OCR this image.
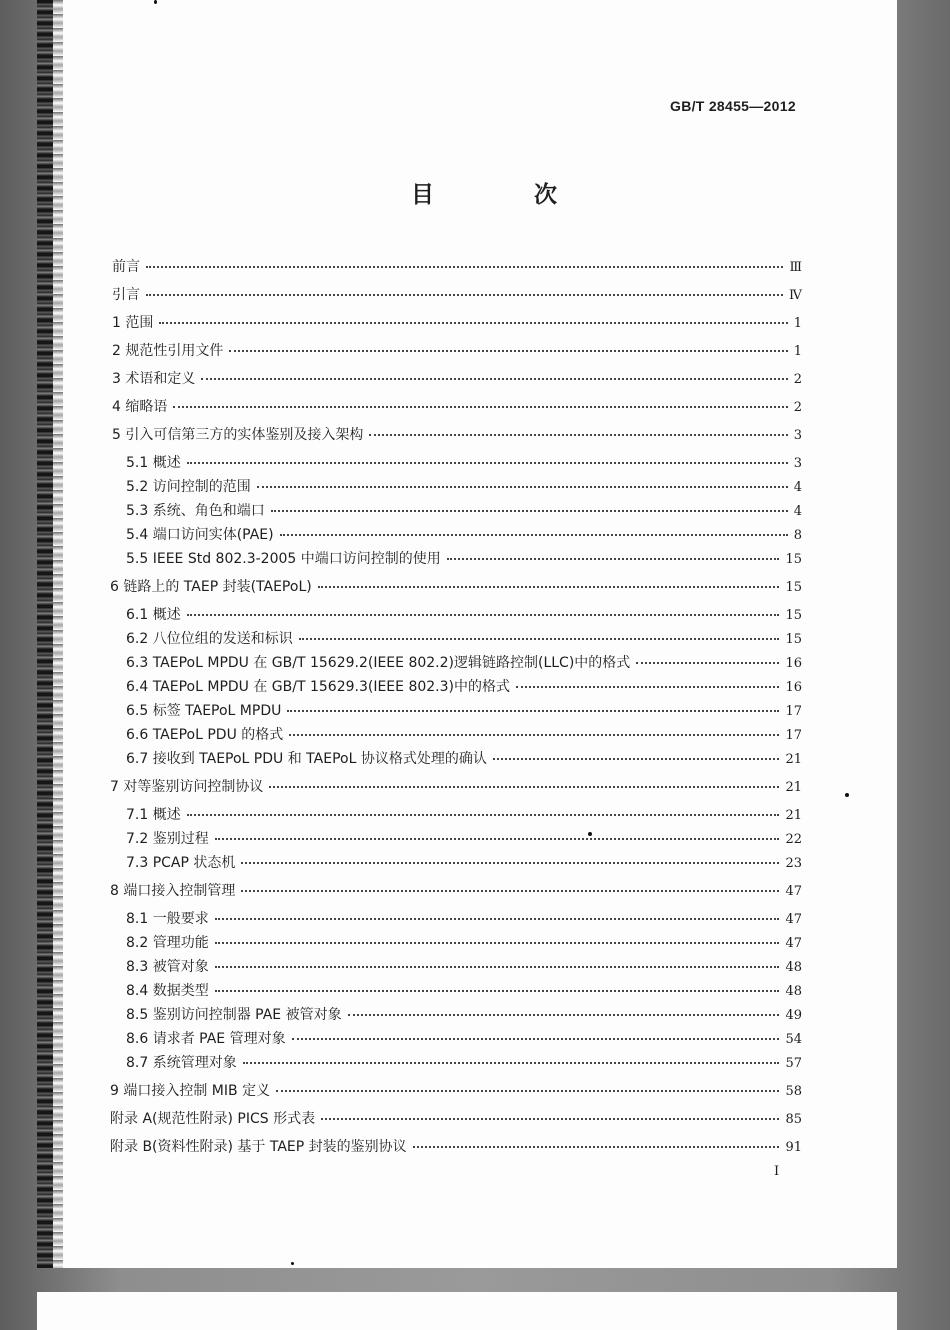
GB/T 28455—2012
目 次
前言	Ⅲ
引言	Ⅳ
1 范围	1
2 规范性引用文件	1
3 术语和定义	2
4 缩略语	2
5 引入可信第三方的实体鉴别及接入架构	3
5.1 概述	3
5.2 访问控制的范围	4
5.3 系统、角色和端口	4
5.4 端口访问实体(PAE)	8
5.5 IEEE Std 802.3-2005 中端口访问控制的使用	15
6 链路上的 TAEP 封装(TAEPoL)	15
6.1 概述	15
6.2 八位位组的发送和标识	15
6.3 TAEPoL MPDU 在 GB/T 15629.2(IEEE 802.2)逻辑链路控制(LLC)中的格式	16
6.4 TAEPoL MPDU 在 GB/T 15629.3(IEEE 802.3)中的格式	16
6.5 标签 TAEPoL MPDU	17
6.6 TAEPoL PDU 的格式	17
6.7 接收到 TAEPoL PDU 和 TAEPoL 协议格式处理的确认	21
7 对等鉴别访问控制协议	21
7.1 概述	21
7.2 鉴别过程	22
7.3 PCAP 状态机	23
8 端口接入控制管理	47
8.1 一般要求	47
8.2 管理功能	47
8.3 被管对象	48
8.4 数据类型	48
8.5 鉴别访问控制器 PAE 被管对象	49
8.6 请求者 PAE 管理对象	54
8.7 系统管理对象	57
9 端口接入控制 MIB 定义	58
附录 A(规范性附录) PICS 形式表	85
附录 B(资料性附录) 基于 TAEP 封装的鉴别协议	91
I
